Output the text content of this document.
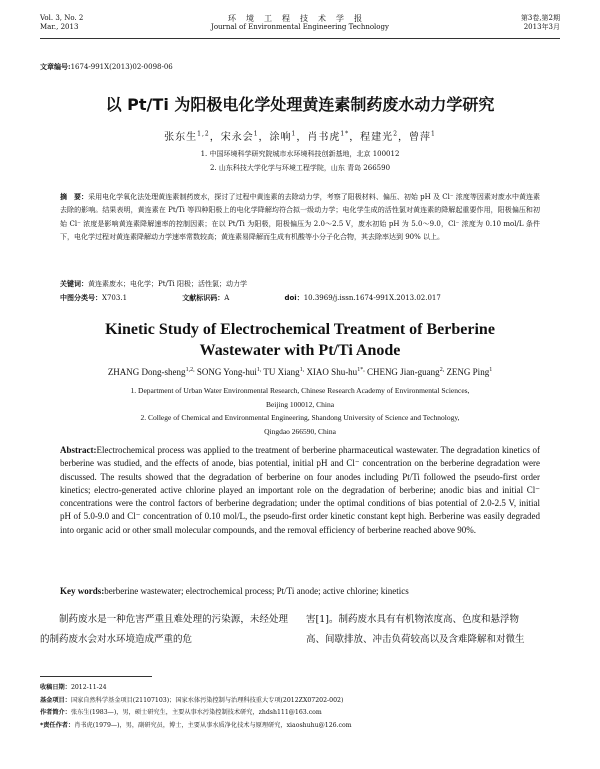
Vol. 3, No. 2
Mar., 2013
环境工程技术学报
Journal of Environmental Engineering Technology
第3卷,第2期
2013年3月
文章编号:1674-991X(2013)02-0098-06
以 Pt/Ti 为阳极电化学处理黄连素制药废水动力学研究
张东生$^{1,2}$，宋永会$^1$，涂响$^1$，肖书虎$^{1*}$，程建光$^2$，曾萍$^1$
1. 中国环境科学研究院城市水环境科技创新基地，北京 100012
2. 山东科技大学化学与环境工程学院，山东 青岛 266590
摘　要：采用电化学氧化法处理黄连素制药废水，探讨了过程中黄连素的去除动力学，考察了阳极材料、偏压、初始 pH 及 Cl⁻ 浓度等因素对废水中黄连素去除的影响。结果表明，黄连素在 Pt/Ti 等四种阳极上的电化学降解均符合拟一级动力学；电化学生成的活性氯对黄连素的降解起重要作用，阳极偏压和初始 Cl⁻ 浓度是影响黄连素降解速率的控制因素；在以 Pt/Ti 为阳极，阳极偏压为 2.0～2.5 V，废水初始 pH 为 5.0～9.0，Cl⁻ 浓度为 0.10 mol/L 条件下，电化学过程对黄连素降解动力学速率常数较高；黄连素易降解而生成有机酸等小分子化合物，其去除率达到 90% 以上。
关键词：黄连素废水；电化学；Pt/Ti 阳极；活性氯；动力学
中图分类号：X703.1	文献标识码：A	doi：10.3969/j.issn.1674-991X.2013.02.017
Kinetic Study of Electrochemical Treatment of Berberine
Wastewater with Pt/Ti Anode
ZHANG Dong-sheng$^{1,2,}$ SONG Yong-hui$^{1,}$ TU Xiang$^{1,}$ XIAO Shu-$hu^{1*,}$ CHENG Jian-guang$^{2,}$ ZENG Ping$^1$
1. Department of Urban Water Environmental Research, Chinese Research Academy of Environmental Sciences,
Beijing 100012, China
2. College of Chemical and Environmental Engineering, Shandong University of Science and Technology,
Qingdao 266590, China
Abstract:Electrochemical process was applied to the treatment of berberine pharmaceutical wastewater. The degradation kinetics of berberine was studied, and the effects of anode, bias potential, initial pH and Cl⁻ concentration on the berberine degradation were discussed. The results showed that the degradation of berberine on four anodes including Pt/Ti followed the pseudo-first order kinetics; electro-generated active chlorine played an important role on the degradation of berberine; anodic bias and initial Cl⁻ concentrations were the control factors of berberine degradation; under the optimal conditions of bias potential of 2.0-2.5 V, initial pH of 5.0-9.0 and Cl⁻ concentration of 0.10 mol/L, the pseudo-first order kinetic constant kept high. Berberine was easily degraded into organic acid or other small molecular compounds, and the removal efficiency of berberine reached above 90%.
Key words:berberine wastewater; electrochemical process; Pt/Ti anode; active chlorine; kinetics

制药废水是一种危害严重且难处理的污染源，未经处理的制药废水会对水环境造成严重的危

害[1]。制药废水具有有机物浓度高、色度和悬浮物

高、间歇排放、冲击负荷较高以及含难降解和对微生

收稿日期：2012-11-24
基金项目：国家自然科学基金项目(21107103)；国家水体污染控制与治理科技重大专项(2012ZX07202-002)
作者简介：张东生(1983—)，男，硕士研究生，主要从事水污染控制技术研究，zhdsh111@163.com
*责任作者：肖书虎(1979—)，男，副研究员，博士，主要从事水质净化技术与原理研究，xiaoshuhu@126.com
